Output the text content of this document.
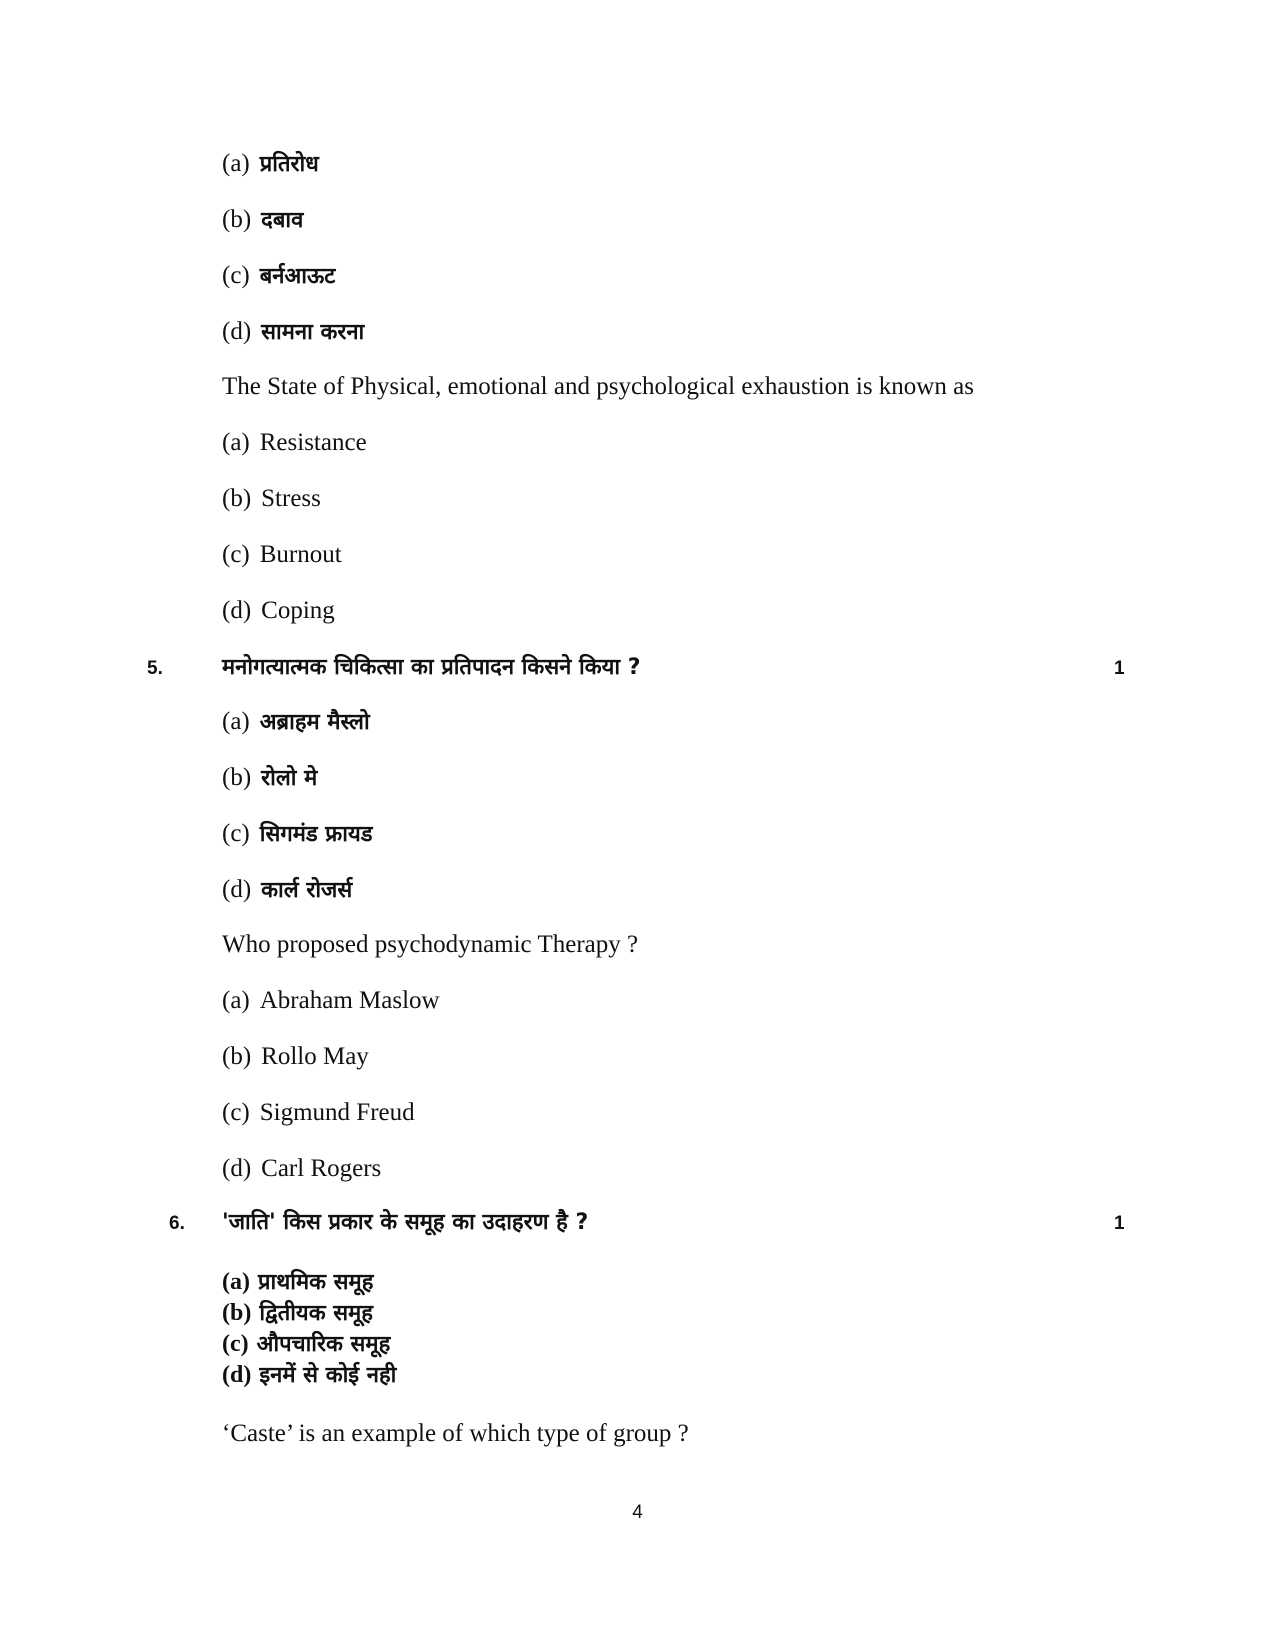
(a) प्रतिरोध
(b) दबाव
(c) बर्नआऊट
(d) सामना करना
The State of Physical, emotional and psychological exhaustion is known as
(a) Resistance
(b) Stress
(c) Burnout
(d) Coping
5.	मनोगत्यात्मक चिकित्सा का प्रतिपादन किसने किया ?	1
(a) अब्राहम मैस्लो
(b) रोलो मे
(c) सिगमंड फ्रायड
(d) कार्ल रोजर्स
Who proposed psychodynamic Therapy ?
(a) Abraham Maslow
(b) Rollo May
(c) Sigmund Freud
(d) Carl Rogers
6. 'जाति' किस प्रकार के समूह का उदाहरण है ?	1
(a) प्राथमिक समूह
(b) द्वितीयक समूह
(c) औपचारिक समूह
(d) इनमें से कोई नही
‘Caste’ is an example of which type of group ?
4
